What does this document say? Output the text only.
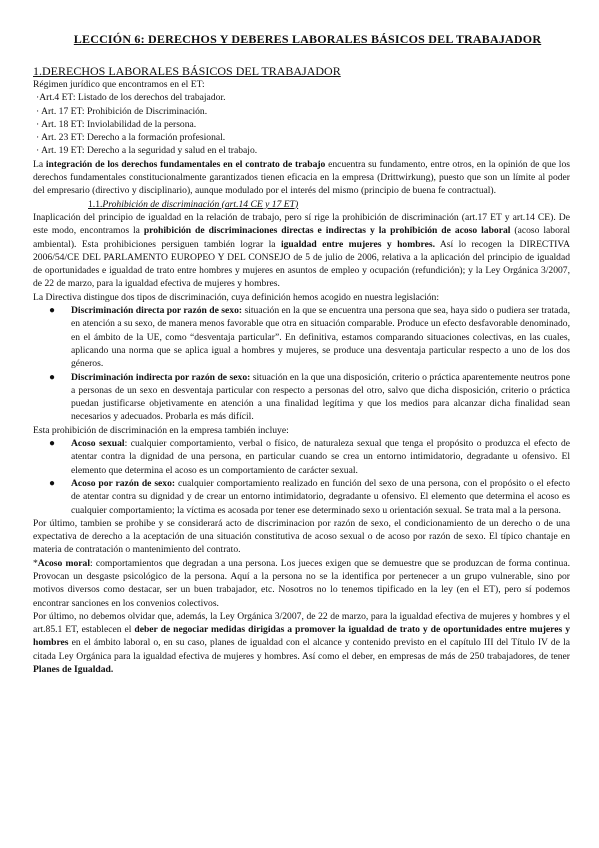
LECCIÓN 6: DERECHOS Y DEBERES LABORALES BÁSICOS DEL TRABAJADOR
1.DERECHOS LABORALES BÁSICOS DEL TRABAJADOR

Régimen jurídico que encontramos en el ET:

·Art.4 ET: Listado de los derechos del trabajador.

· Art. 17 ET: Prohibición de Discriminación.

· Art. 18 ET: Inviolabilidad de la persona.

· Art. 23 ET: Derecho a la formación profesional.

· Art. 19 ET: Derecho a la seguridad y salud en el trabajo.

La integración de los derechos fundamentales en el contrato de trabajo encuentra su fundamento, entre otros, en la opinión de que los derechos fundamentales constitucionalmente garantizados tienen eficacia en la empresa (Drittwirkung), puesto que son un límite al poder del empresario (directivo y disciplinario), aunque modulado por el interés del mismo (principio de buena fe contractual).

1.1.Prohibición de discriminación (art.14 CE y 17 ET)

Inaplicación del principio de igualdad en la relación de trabajo, pero sí rige la prohibición de discriminación (art.17 ET y art.14 CE). De este modo, encontramos la prohibición de discriminaciones directas e indirectas y la prohibición de acoso laboral (acoso laboral ambiental). Esta prohibiciones persiguen también lograr la igualdad entre mujeres y hombres. Así lo recogen la DIRECTIVA 2006/54/CE DEL PARLAMENTO EUROPEO Y DEL CONSEJO de 5 de julio de 2006, relativa a la aplicación del principio de igualdad de oportunidades e igualdad de trato entre hombres y mujeres en asuntos de empleo y ocupación (refundición); y la Ley Orgánica 3/2007, de 22 de marzo, para la igualdad efectiva de mujeres y hombres.

La Directiva distingue dos tipos de discriminación, cuya definición hemos acogido en nuestra legislación:

● Discriminación directa por razón de sexo: situación en la que se encuentra una persona que sea, haya sido o pudiera ser tratada, en atención a su sexo, de manera menos favorable que otra en situación comparable. Produce un efecto desfavorable denominado, en el ámbito de la UE, como “desventaja particular”. En definitiva, estamos comparando situaciones colectivas, en las cuales, aplicando una norma que se aplica igual a hombres y mujeres, se produce una desventaja particular respecto a uno de los dos géneros.
● Discriminación indirecta por razón de sexo: situación en la que una disposición, criterio o práctica aparentemente neutros pone a personas de un sexo en desventaja particular con respecto a personas del otro, salvo que dicha disposición, criterio o práctica puedan justificarse objetivamente en atención a una finalidad legítima y que los medios para alcanzar dicha finalidad sean necesarios y adecuados. Probarla es más difícil.

Esta prohibición de discriminación en la empresa también incluye:

● Acoso sexual: cualquier comportamiento, verbal o físico, de naturaleza sexual que tenga el propósito o produzca el efecto de atentar contra la dignidad de una persona, en particular cuando se crea un entorno intimidatorio, degradante u ofensivo. El elemento que determina el acoso es un comportamiento de carácter sexual.
● Acoso por razón de sexo: cualquier comportamiento realizado en función del sexo de una persona, con el propósito o el efecto de atentar contra su dignidad y de crear un entorno intimidatorio, degradante u ofensivo. El elemento que determina el acoso es cualquier comportamiento; la víctima es acosada por tener ese determinado sexo u orientación sexual. Se trata mal a la persona.

Por último, tambien se prohibe y se considerará acto de discriminacion por razón de sexo, el condicionamiento de un derecho o de una expectativa de derecho a la aceptación de una situación constitutiva de acoso sexual o de acoso por razón de sexo. El típico chantaje en materia de contratación o mantenimiento del contrato.

*Acoso moral: comportamientos que degradan a una persona. Los jueces exigen que se demuestre que se produzcan de forma continua. Provocan un desgaste psicológico de la persona. Aquí a la persona no se la identifica por pertenecer a un grupo vulnerable, sino por motivos diversos como destacar, ser un buen trabajador, etc. Nosotros no lo tenemos tipificado en la ley (en el ET), pero sí podemos encontrar sanciones en los convenios colectivos.

Por último, no debemos olvidar que, además, la Ley Orgánica 3/2007, de 22 de marzo, para la igualdad efectiva de mujeres y hombres y el art.85.1 ET, establecen el deber de negociar medidas dirigidas a promover la igualdad de trato y de oportunidades entre mujeres y hombres en el ámbito laboral o, en su caso, planes de igualdad con el alcance y contenido previsto en el capítulo III del Título IV de la citada Ley Orgánica para la igualdad efectiva de mujeres y hombres. Así como el deber, en empresas de más de 250 trabajadores, de tener Planes de Igualdad.
